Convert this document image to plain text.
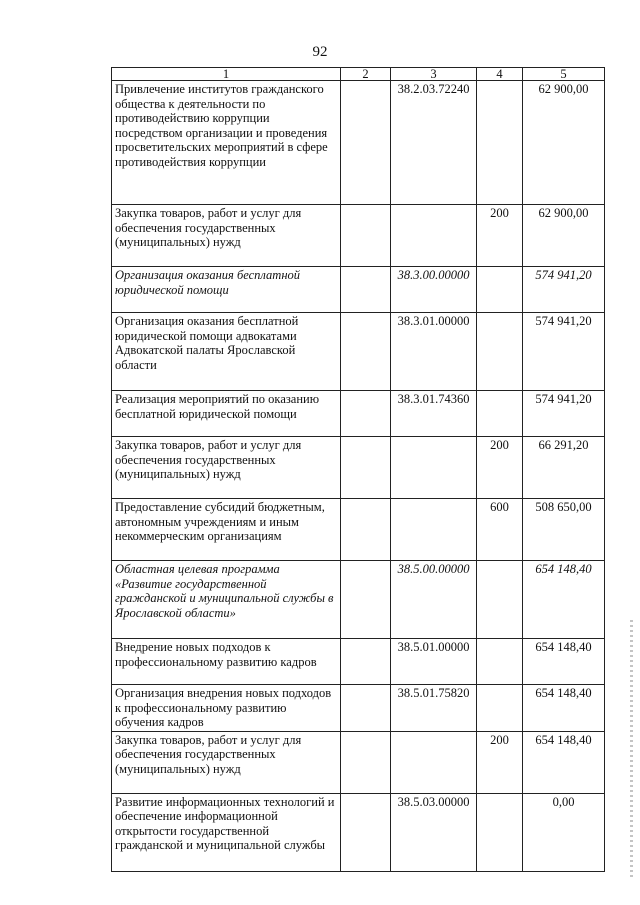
92
1	2	3	4	5
Привлечение институтов гражданского общества к деятельности по противодействию коррупции посредством организации и проведения просветительских мероприятий в сфере противодействия коррупции		38.2.03.72240		62 900,00
Закупка товаров, работ и услуг для обеспечения государственных (муниципальных) нужд			200	62 900,00
Организация оказания бесплатной юридической помощи		38.3.00.00000		574 941,20
Организация оказания бесплатной юридической помощи адвокатами Адвокатской палаты Ярославской области		38.3.01.00000		574 941,20
Реализация мероприятий по оказанию бесплатной юридической помощи		38.3.01.74360		574 941,20
Закупка товаров, работ и услуг для обеспечения государственных (муниципальных) нужд			200	66 291,20
Предоставление субсидий бюджетным, автономным учреждениям и иным некоммерческим организациям			600	508 650,00
Областная целевая программа «Развитие государственной гражданской и муниципальной службы в Ярославской области»		38.5.00.00000		654 148,40
Внедрение новых подходов к профессиональному развитию кадров		38.5.01.00000		654 148,40
Организация внедрения новых подходов к профессиональному развитию обучения кадров		38.5.01.75820		654 148,40
Закупка товаров, работ и услуг для обеспечения государственных (муниципальных) нужд			200	654 148,40
Развитие информационных технологий и обеспечение информационной открытости государственной гражданской и муниципальной службы		38.5.03.00000		0,00
